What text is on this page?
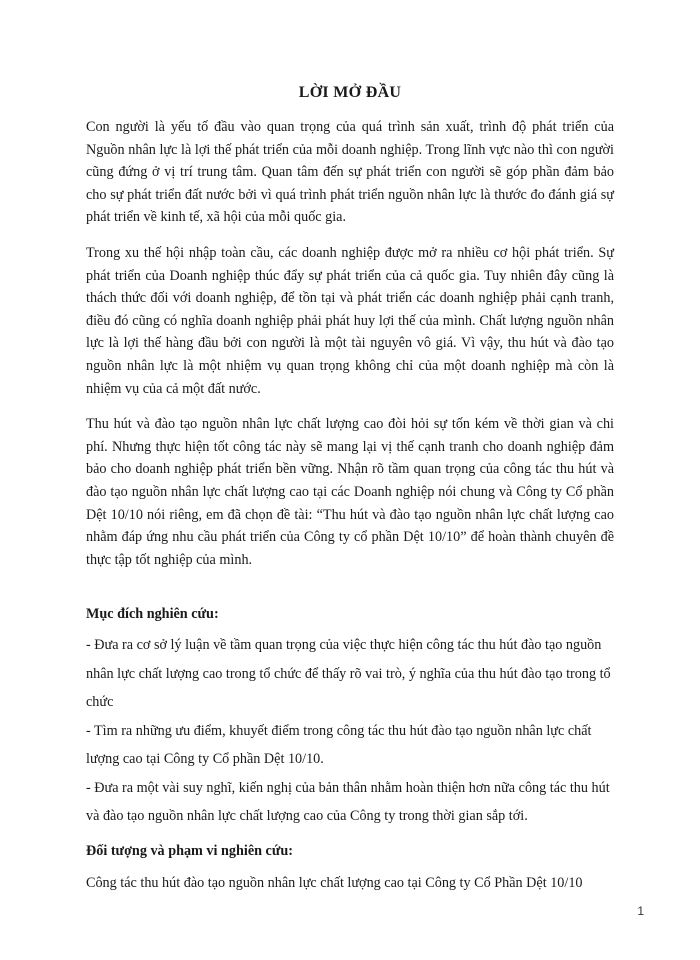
LỜI MỞ ĐẦU

Con người là yếu tố đầu vào quan trọng của quá trình sản xuất, trình độ phát triển của Nguồn nhân lực là lợi thế phát triển của mỗi doanh nghiệp. Trong lĩnh vực nào thì con người cũng đứng ở vị trí trung tâm. Quan tâm đến sự phát triển con người sẽ góp phần đảm bảo cho sự phát triển đất nước bởi vì quá trình phát triển nguồn nhân lực là thước đo đánh giá sự phát triển về kinh tế, xã hội của mỗi quốc gia.

Trong xu thế hội nhập toàn cầu, các doanh nghiệp được mở ra nhiều cơ hội phát triển. Sự phát triển của Doanh nghiệp thúc đẩy sự phát triển của cả quốc gia. Tuy nhiên đây cũng là thách thức đối với doanh nghiệp, để tồn tại và phát triển các doanh nghiệp phải cạnh tranh, điều đó cũng có nghĩa doanh nghiệp phải phát huy lợi thế của mình. Chất lượng nguồn nhân lực là lợi thế hàng đầu bởi con người là một tài nguyên vô giá. Vì vậy, thu hút và đào tạo nguồn nhân lực là một nhiệm vụ quan trọng không chỉ của một doanh nghiệp mà còn là nhiệm vụ của cả một đất nước.

Thu hút và đào tạo nguồn nhân lực chất lượng cao đòi hỏi sự tốn kém về thời gian và chi phí. Nhưng thực hiện tốt công tác này sẽ mang lại vị thế cạnh tranh cho doanh nghiệp đảm bảo cho doanh nghiệp phát triển bền vững. Nhận rõ tầm quan trọng của công tác thu hút và đào tạo nguồn nhân lực chất lượng cao tại các Doanh nghiệp nói chung và Công ty Cổ phần Dệt 10/10 nói riêng, em đã chọn đề tài: “Thu hút và đào tạo nguồn nhân lực chất lượng cao nhằm đáp ứng nhu cầu phát triển của Công ty cổ phần Dệt 10/10” để hoàn thành chuyên đề thực tập tốt nghiệp của mình.

Mục đích nghiên cứu:

- Đưa ra cơ sở lý luận về tầm quan trọng của việc thực hiện công tác thu hút đào tạo nguồn nhân lực chất lượng cao trong tổ chức để thấy rõ vai trò, ý nghĩa của thu hút đào tạo trong tổ chức

- Tìm ra những ưu điểm, khuyết điểm trong công tác thu hút đào tạo nguồn nhân lực chất lượng cao tại Công ty Cổ phần Dệt 10/10.

- Đưa ra một vài suy nghĩ, kiến nghị của bản thân nhằm hoàn thiện hơn nữa công tác thu hút và đào tạo nguồn nhân lực chất lượng cao của Công ty trong thời gian sắp tới.

Đối tượng và phạm vi nghiên cứu:

Công tác thu hút đào tạo nguồn nhân lực chất lượng cao tại Công ty Cổ Phần Dệt 10/10

1
